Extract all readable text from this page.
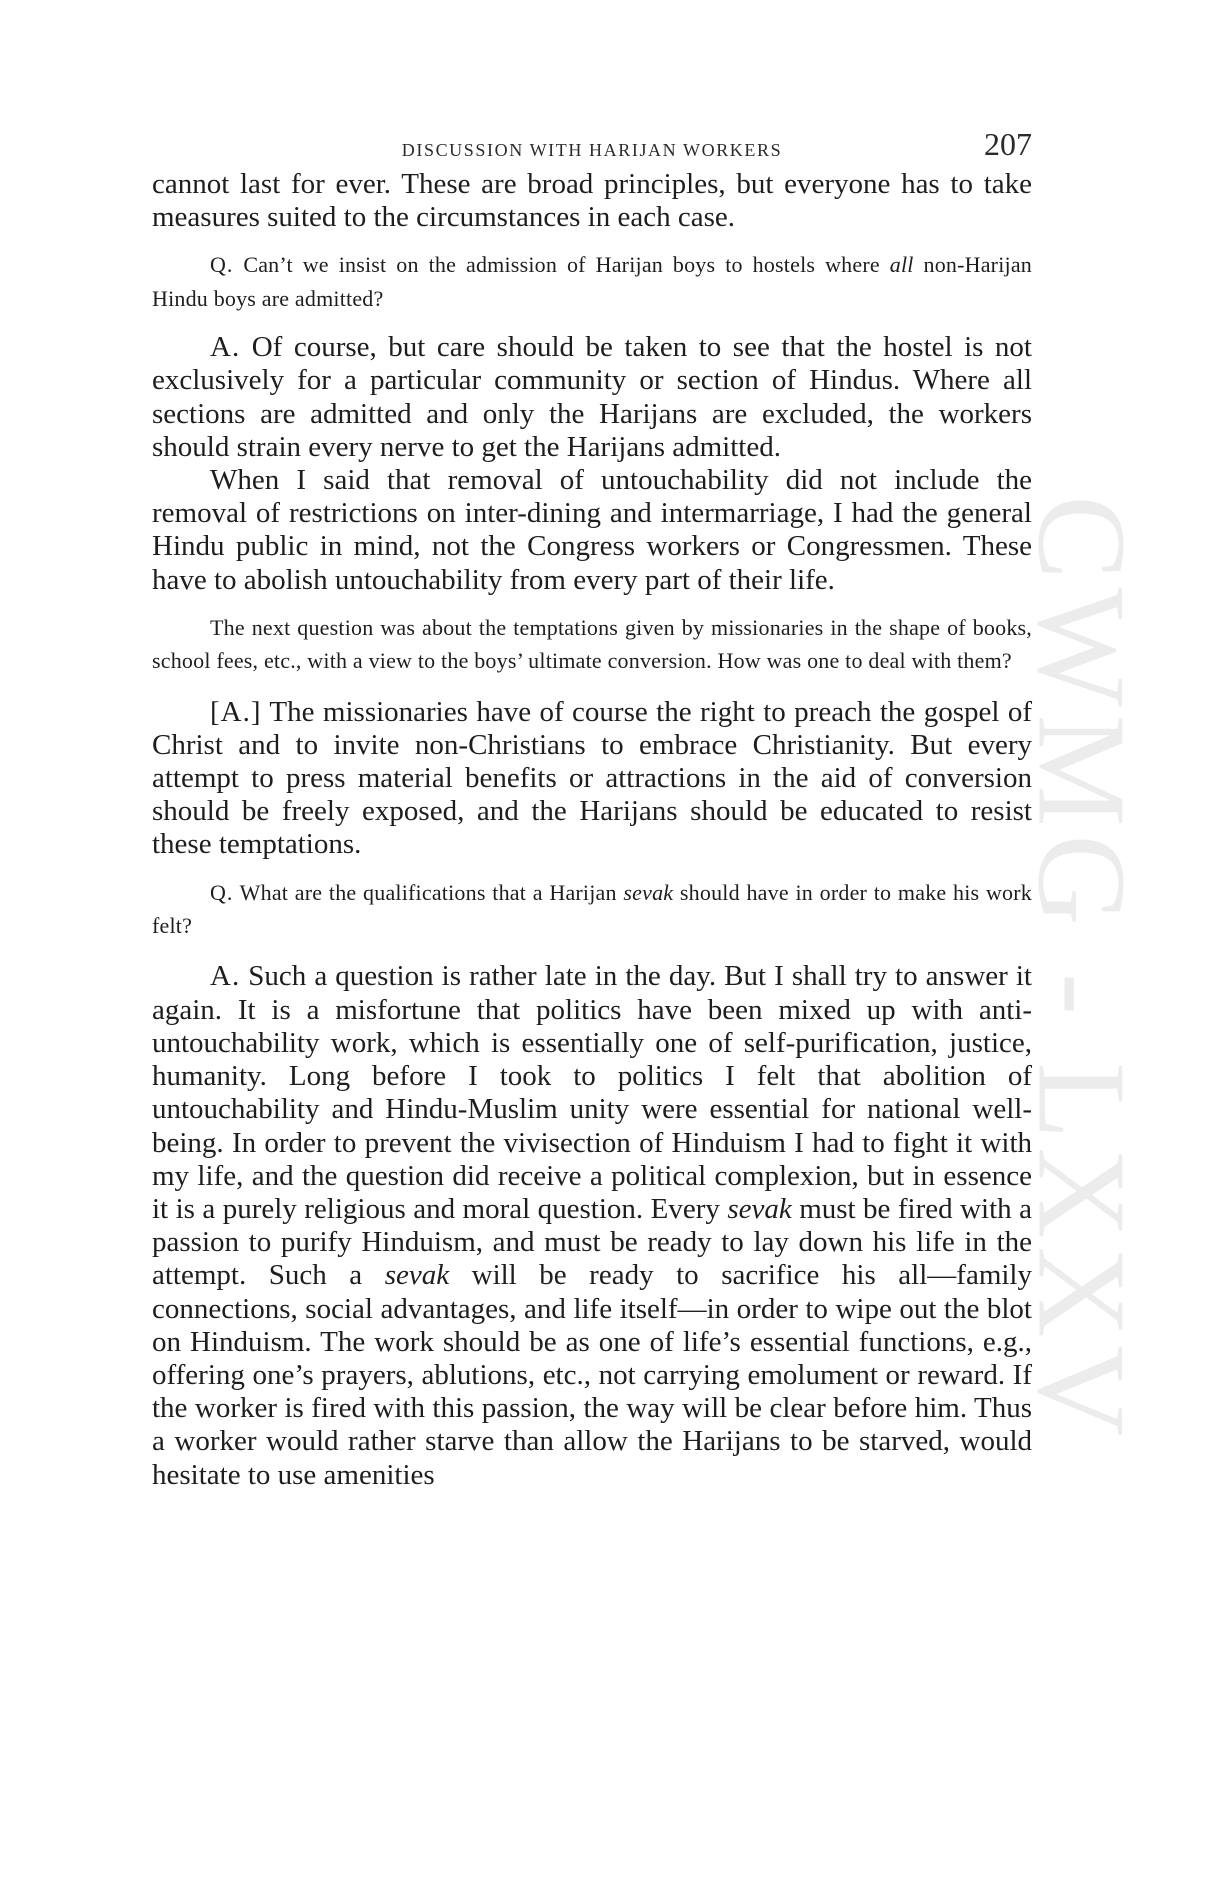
CWMG - LXXV
DISCUSSION WITH HARIJAN WORKERS	207

cannot last for ever. These are broad principles, but everyone has to take measures suited to the circumstances in each case.

Q. Can’t we insist on the admission of Harijan boys to hostels where all non-Harijan Hindu boys are admitted?

A. Of course, but care should be taken to see that the hostel is not exclusively for a particular community or section of Hindus. Where all sections are admitted and only the Harijans are excluded, the workers should strain every nerve to get the Harijans admitted.

When I said that removal of untouchability did not include the removal of restrictions on inter-dining and intermarriage, I had the general Hindu public in mind, not the Congress workers or Congressmen. These have to abolish untouchability from every part of their life.

The next question was about the temptations given by missionaries in the shape of books, school fees, etc., with a view to the boys’ ultimate conversion. How was one to deal with them?

[A.] The missionaries have of course the right to preach the gospel of Christ and to invite non-Christians to embrace Christianity. But every attempt to press material benefits or attractions in the aid of conversion should be freely exposed, and the Harijans should be educated to resist these temptations.

Q. What are the qualifications that a Harijan sevak should have in order to make his work felt?

A. Such a question is rather late in the day. But I shall try to answer it again. It is a misfortune that politics have been mixed up with anti-untouchability work, which is essentially one of self-purification, justice, humanity. Long before I took to politics I felt that abolition of untouchability and Hindu-Muslim unity were essential for national well-being. In order to prevent the vivisection of Hinduism I had to fight it with my life, and the question did receive a political complexion, but in essence it is a purely religious and moral question. Every sevak must be fired with a passion to purify Hinduism, and must be ready to lay down his life in the attempt. Such a sevak will be ready to sacrifice his all—family connections, social advantages, and life itself—in order to wipe out the blot on Hinduism. The work should be as one of life’s essential functions, e.g., offering one’s prayers, ablutions, etc., not carrying emolument or reward. If the worker is fired with this passion, the way will be clear before him. Thus a worker would rather starve than allow the Harijans to be starved, would hesitate to use amenities
